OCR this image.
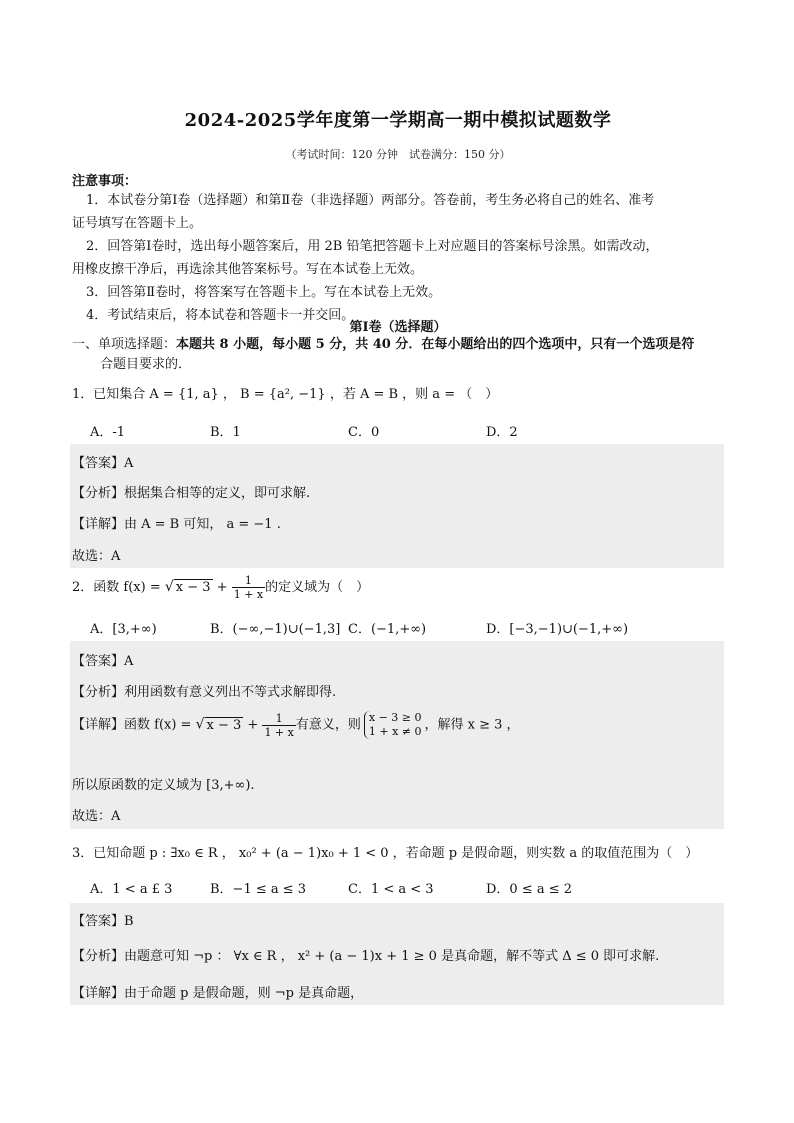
2024-2025学年度第一学期高一期中模拟试题数学
（考试时间：120 分钟　试卷满分：150 分）
注意事项：
1．本试卷分第Ⅰ卷（选择题）和第Ⅱ卷（非选择题）两部分。答卷前，考生务必将自己的姓名、准考
证号填写在答题卡上。
2．回答第Ⅰ卷时，选出每小题答案后，用 2B 铅笔把答题卡上对应题目的答案标号涂黑。如需改动，
用橡皮擦干净后，再选涂其他答案标号。写在本试卷上无效。
3．回答第Ⅱ卷时，将答案写在答题卡上。写在本试卷上无效。
4．考试结束后，将本试卷和答题卡一并交回。
第Ⅰ卷（选择题）
一、单项选择题：本题共 8 小题，每小题 5 分，共 40 分．在每小题给出的四个选项中，只有一个选项是符
合题目要求的．
1．已知集合 A = {1, a} ， B = {a², −1} ，若 A = B ，则 a = （　）
A．-1	B．1	C．0	D．2
【答案】A
【分析】根据集合相等的定义，即可求解.
【详解】由 A = B 可知， a = −1 .
故选：A
2．函数 f(x) = √ $x - 3 + \frac{1}{1 + x}$ 的定义域为（　）
A．[3,+∞)	B．(−∞,−1)∪(−1,3] C．(−1,+∞)	D．[−3,−1)∪(−1,+∞)
【答案】A
【分析】利用函数有意义列出不等式求解即得.
【详解】函数 f(x) = √ $x - 3 + \frac{1}{1 + x}$ 有意义，则 x − 3 ≥ 0
1 + x ≠ 0 ，解得 x ≥ 3 ，
所以原函数的定义域为 [3,+∞).
故选：A
3．已知命题 p : ∃x₀ ∈ R ， x₀² + (a − 1)x₀ + 1 < 0 ，若命题 p 是假命题，则实数 a 的取值范围为（　）
A．1 < a £ 3	B．−1 ≤ a ≤ 3	C．1 < a < 3	D．0 ≤ a ≤ 2
【答案】B
【分析】由题意可知 ¬p ： ∀x ∈ R ， x² + (a − 1)x + 1 ≥ 0 是真命题，解不等式 Δ ≤ 0 即可求解.
【详解】由于命题 p 是假命题，则 ¬p 是真命题，
